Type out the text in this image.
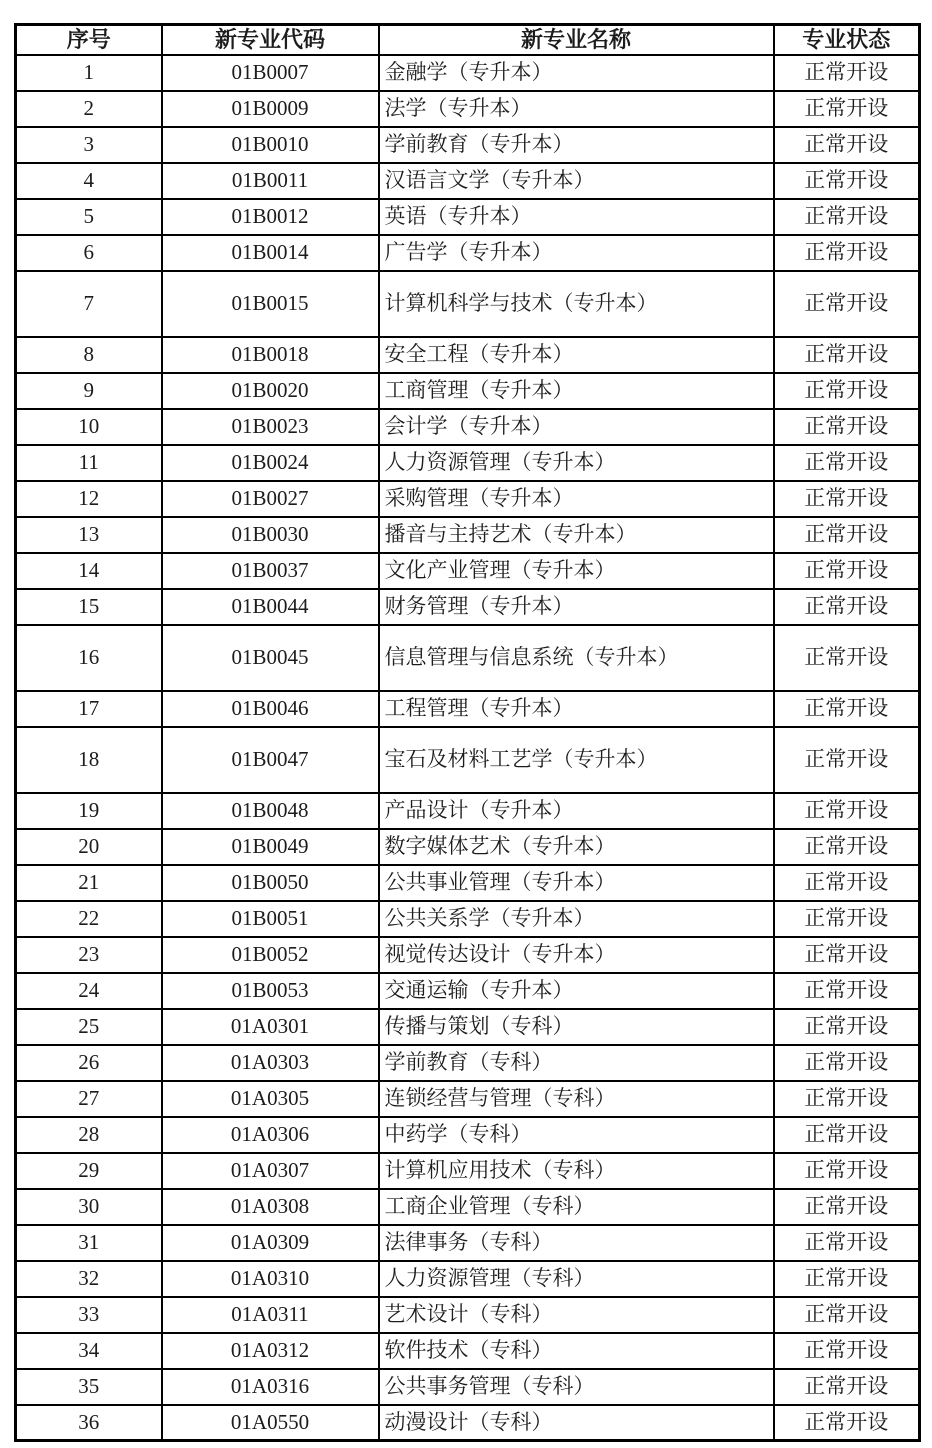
序号	新专业代码	新专业名称	专业状态
1	01B0007	金融学（专升本）	正常开设
2	01B0009	法学（专升本）	正常开设
3	01B0010	学前教育（专升本）	正常开设
4	01B0011	汉语言文学（专升本）	正常开设
5	01B0012	英语（专升本）	正常开设
6	01B0014	广告学（专升本）	正常开设
7	01B0015	计算机科学与技术（专升本）	正常开设
8	01B0018	安全工程（专升本）	正常开设
9	01B0020	工商管理（专升本）	正常开设
10	01B0023	会计学（专升本）	正常开设
11	01B0024	人力资源管理（专升本）	正常开设
12	01B0027	采购管理（专升本）	正常开设
13	01B0030	播音与主持艺术（专升本）	正常开设
14	01B0037	文化产业管理（专升本）	正常开设
15	01B0044	财务管理（专升本）	正常开设
16	01B0045	信息管理与信息系统（专升本）	正常开设
17	01B0046	工程管理（专升本）	正常开设
18	01B0047	宝石及材料工艺学（专升本）	正常开设
19	01B0048	产品设计（专升本）	正常开设
20	01B0049	数字媒体艺术（专升本）	正常开设
21	01B0050	公共事业管理（专升本）	正常开设
22	01B0051	公共关系学（专升本）	正常开设
23	01B0052	视觉传达设计（专升本）	正常开设
24	01B0053	交通运输（专升本）	正常开设
25	01A0301	传播与策划（专科）	正常开设
26	01A0303	学前教育（专科）	正常开设
27	01A0305	连锁经营与管理（专科）	正常开设
28	01A0306	中药学（专科）	正常开设
29	01A0307	计算机应用技术（专科）	正常开设
30	01A0308	工商企业管理（专科）	正常开设
31	01A0309	法律事务（专科）	正常开设
32	01A0310	人力资源管理（专科）	正常开设
33	01A0311	艺术设计（专科）	正常开设
34	01A0312	软件技术（专科）	正常开设
35	01A0316	公共事务管理（专科）	正常开设
36	01A0550	动漫设计（专科）	正常开设
